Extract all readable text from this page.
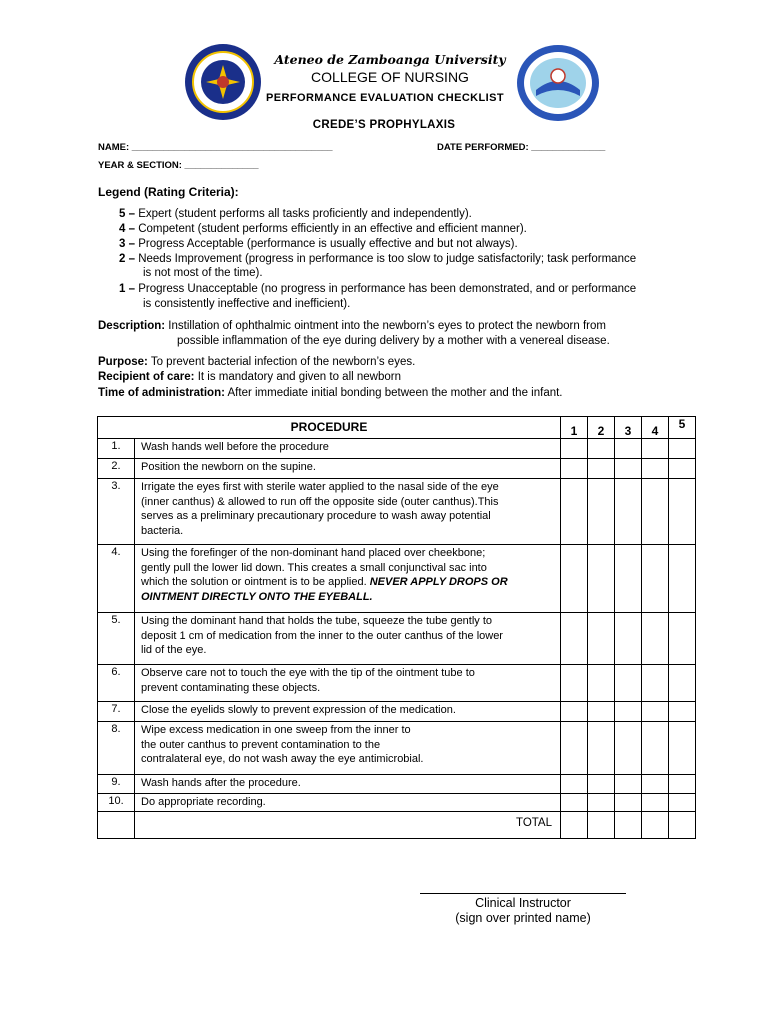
Ateneo de Zamboanga University
COLLEGE OF NURSING
PERFORMANCE EVALUATION CHECKLIST
CREDE’S PROPHYLAXIS
NAME: ______________________________________	DATE PERFORMED: ______________
YEAR & SECTION: ______________
Legend (Rating Criteria):
5 – Expert (student performs all tasks proficiently and independently).
4 – Competent (student performs efficiently in an effective and efficient manner).
3 – Progress Acceptable (performance is usually effective and but not always).
2 – Needs Improvement (progress in performance is too slow to judge satisfactorily; task performance
is not most of the time).
1 – Progress Unacceptable (no progress in performance has been demonstrated, and or performance
is consistently ineffective and inefficient).
Description: Instillation of ophthalmic ointment into the newborn’s eyes to protect the newborn from
possible inflammation of the eye during delivery by a mother with a venereal disease.
Purpose: To prevent bacterial infection of the newborn’s eyes.
Recipient of care: It is mandatory and given to all newborn
Time of administration: After immediate initial bonding between the mother and the infant.
PROCEDURE		1	2	3	4	5
1.	Wash hands well before the procedure					
2.	Position the newborn on the supine.					
3.	Irrigate the eyes first with sterile water applied to the nasal side of the eye
(inner canthus) & allowed to run off the opposite side (outer canthus).This
serves as a preliminary precautionary procedure to wash away potential
bacteria.					
4.	Using the forefinger of the non-dominant hand placed over cheekbone;
gently pull the lower lid down. This creates a small conjunctival sac into
which the solution or ointment is to be applied. NEVER APPLY DROPS OR
OINTMENT DIRECTLY ONTO THE EYEBALL.					
5.	Using the dominant hand that holds the tube, squeeze the tube gently to
deposit 1 cm of medication from the inner to the outer canthus of the lower
lid of the eye.					
6.	Observe care not to touch the eye with the tip of the ointment tube to
prevent contaminating these objects.					
7.	Close the eyelids slowly to prevent expression of the medication.					
8.	Wipe excess medication in one sweep from the inner to
the outer canthus to prevent contamination to the
contralateral eye, do not wash away the eye antimicrobial.					
9.	Wash hands after the procedure.					
10.	Do appropriate recording.					
	TOTAL					
Clinical Instructor
(sign over printed name)
